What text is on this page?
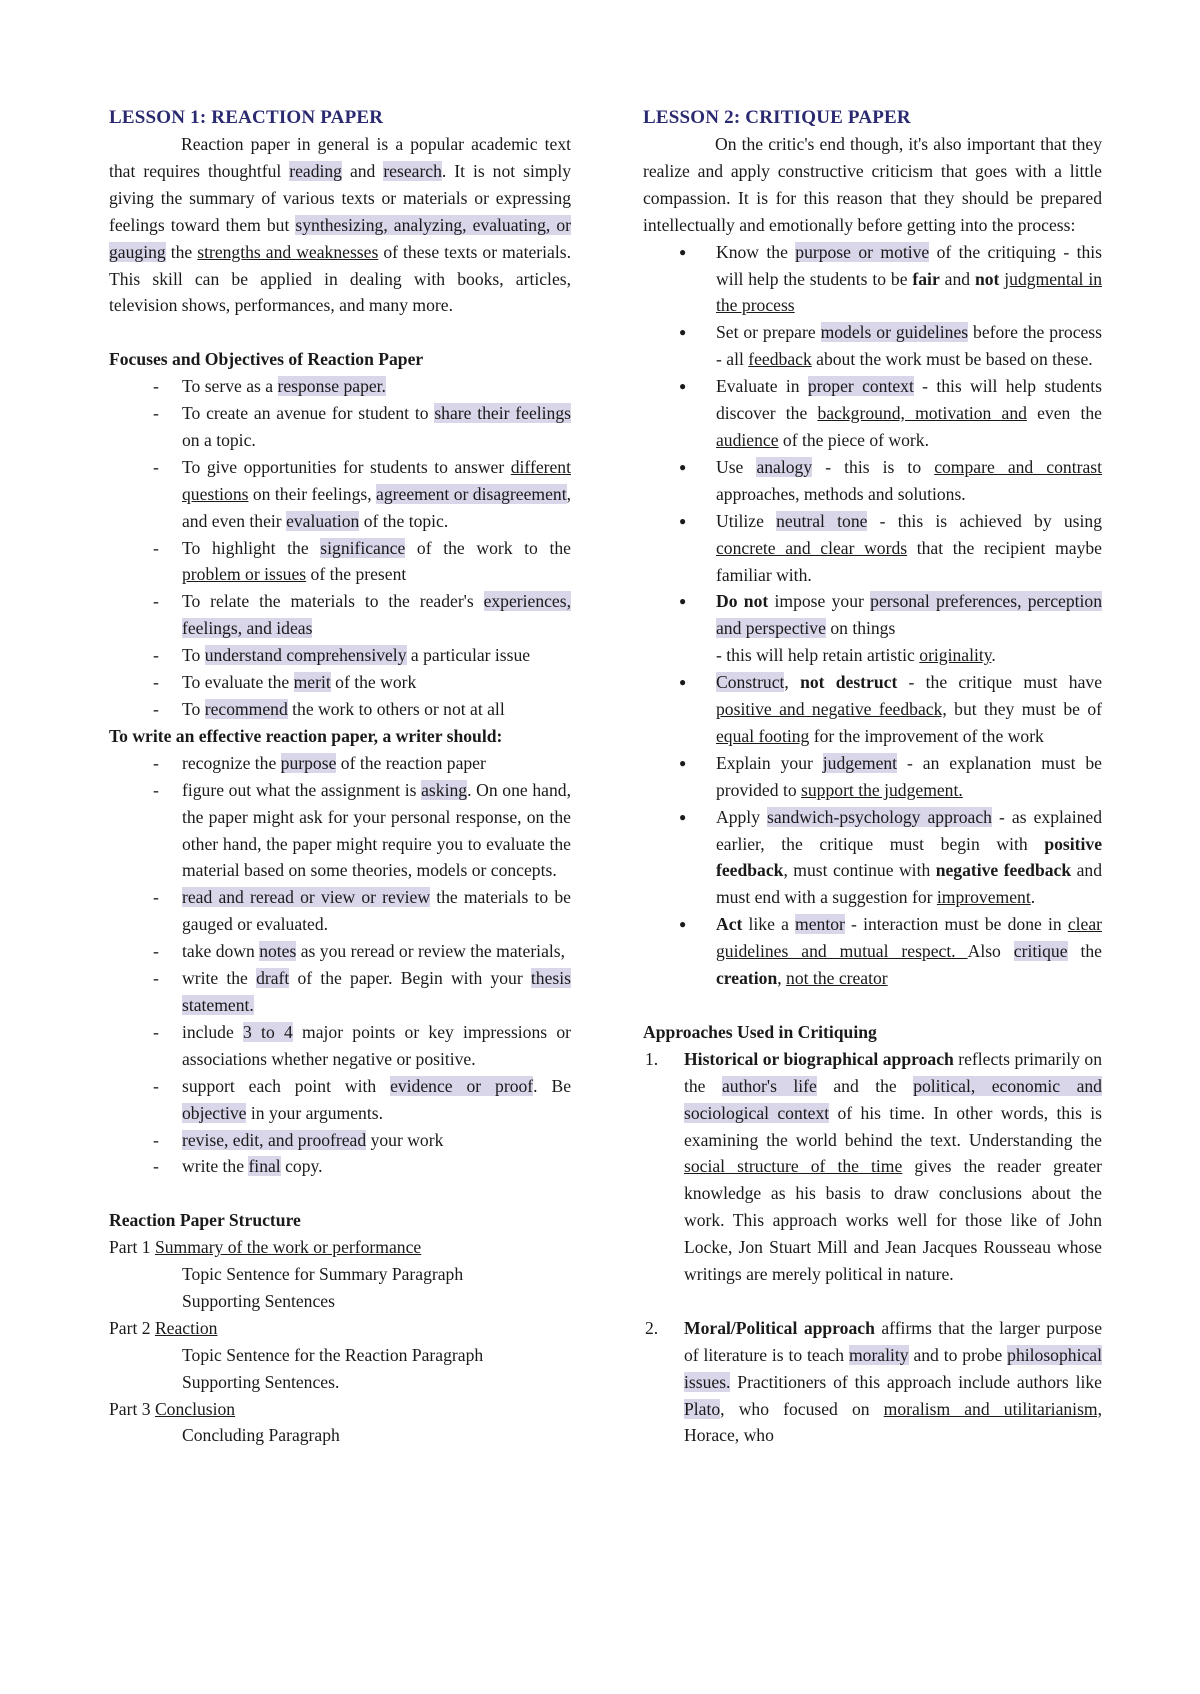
LESSON 1: REACTION PAPER

Reaction paper in general is a popular academic text that requires thoughtful reading and research. It is not simply giving the summary of various texts or materials or expressing feelings toward them but synthesizing, analyzing, evaluating, or gauging the strengths and weaknesses of these texts or materials. This skill can be applied in dealing with books, articles, television shows, performances, and many more.

Focuses and Objectives of Reaction Paper

- To serve as a response paper.
- To create an avenue for student to share their feelings on a topic.
- To give opportunities for students to answer different questions on their feelings, agreement or disagreement, and even their evaluation of the topic.
- To highlight the significance of the work to the problem or issues of the present
- To relate the materials to the reader's experiences, feelings, and ideas
- To understand comprehensively a particular issue
- To evaluate the merit of the work
- To recommend the work to others or not at all

To write an effective reaction paper, a writer should:

- recognize the purpose of the reaction paper
- figure out what the assignment is asking. On one hand, the paper might ask for your personal response, on the other hand, the paper might require you to evaluate the material based on some theories, models or concepts.
- read and reread or view or review the materials to be gauged or evaluated.
- take down notes as you reread or review the materials,
- write the draft of the paper. Begin with your thesis statement.
- include 3 to 4 major points or key impressions or associations whether negative or positive.
- support each point with evidence or proof. Be objective in your arguments.
- revise, edit, and proofread your work
- write the final copy.

Reaction Paper Structure

Part 1 Summary of the work or performance

Topic Sentence for Summary Paragraph

Supporting Sentences

Part 2 Reaction

Topic Sentence for the Reaction Paragraph

Supporting Sentences.

Part 3 Conclusion

Concluding Paragraph

LESSON 2: CRITIQUE PAPER

On the critic's end though, it's also important that they realize and apply constructive criticism that goes with a little compassion. It is for this reason that they should be prepared intellectually and emotionally before getting into the process:

● Know the purpose or motive of the critiquing - this will help the students to be fair and not judgmental in the process
● Set or prepare models or guidelines before the process - all feedback about the work must be based on these.
● Evaluate in proper context - this will help students discover the background, motivation and even the audience of the piece of work.
● Use analogy - this is to compare and contrast approaches, methods and solutions.
● Utilize neutral tone - this is achieved by using concrete and clear words that the recipient maybe familiar with.
● Do not impose your personal preferences, perception and perspective on things
- this will help retain artistic originality.
● Construct, not destruct - the critique must have positive and negative feedback, but they must be of equal footing for the improvement of the work
● Explain your judgement - an explanation must be provided to support the judgement.
● Apply sandwich-psychology approach - as explained earlier, the critique must begin with positive feedback, must continue with negative feedback and must end with a suggestion for improvement.
● Act like a mentor - interaction must be done in clear guidelines and mutual respect. Also critique the creation, not the creator

Approaches Used in Critiquing

1. Historical or biographical approach reflects primarily on the author's life and the political, economic and sociological context of his time. In other words, this is examining the world behind the text. Understanding the social structure of the time gives the reader greater knowledge as his basis to draw conclusions about the work. This approach works well for those like of John Locke, Jon Stuart Mill and Jean Jacques Rousseau whose writings are merely political in nature.
2. Moral/Political approach affirms that the larger purpose of literature is to teach morality and to probe philosophical issues. Practitioners of this approach include authors like Plato, who focused on moralism and utilitarianism, Horace, who
